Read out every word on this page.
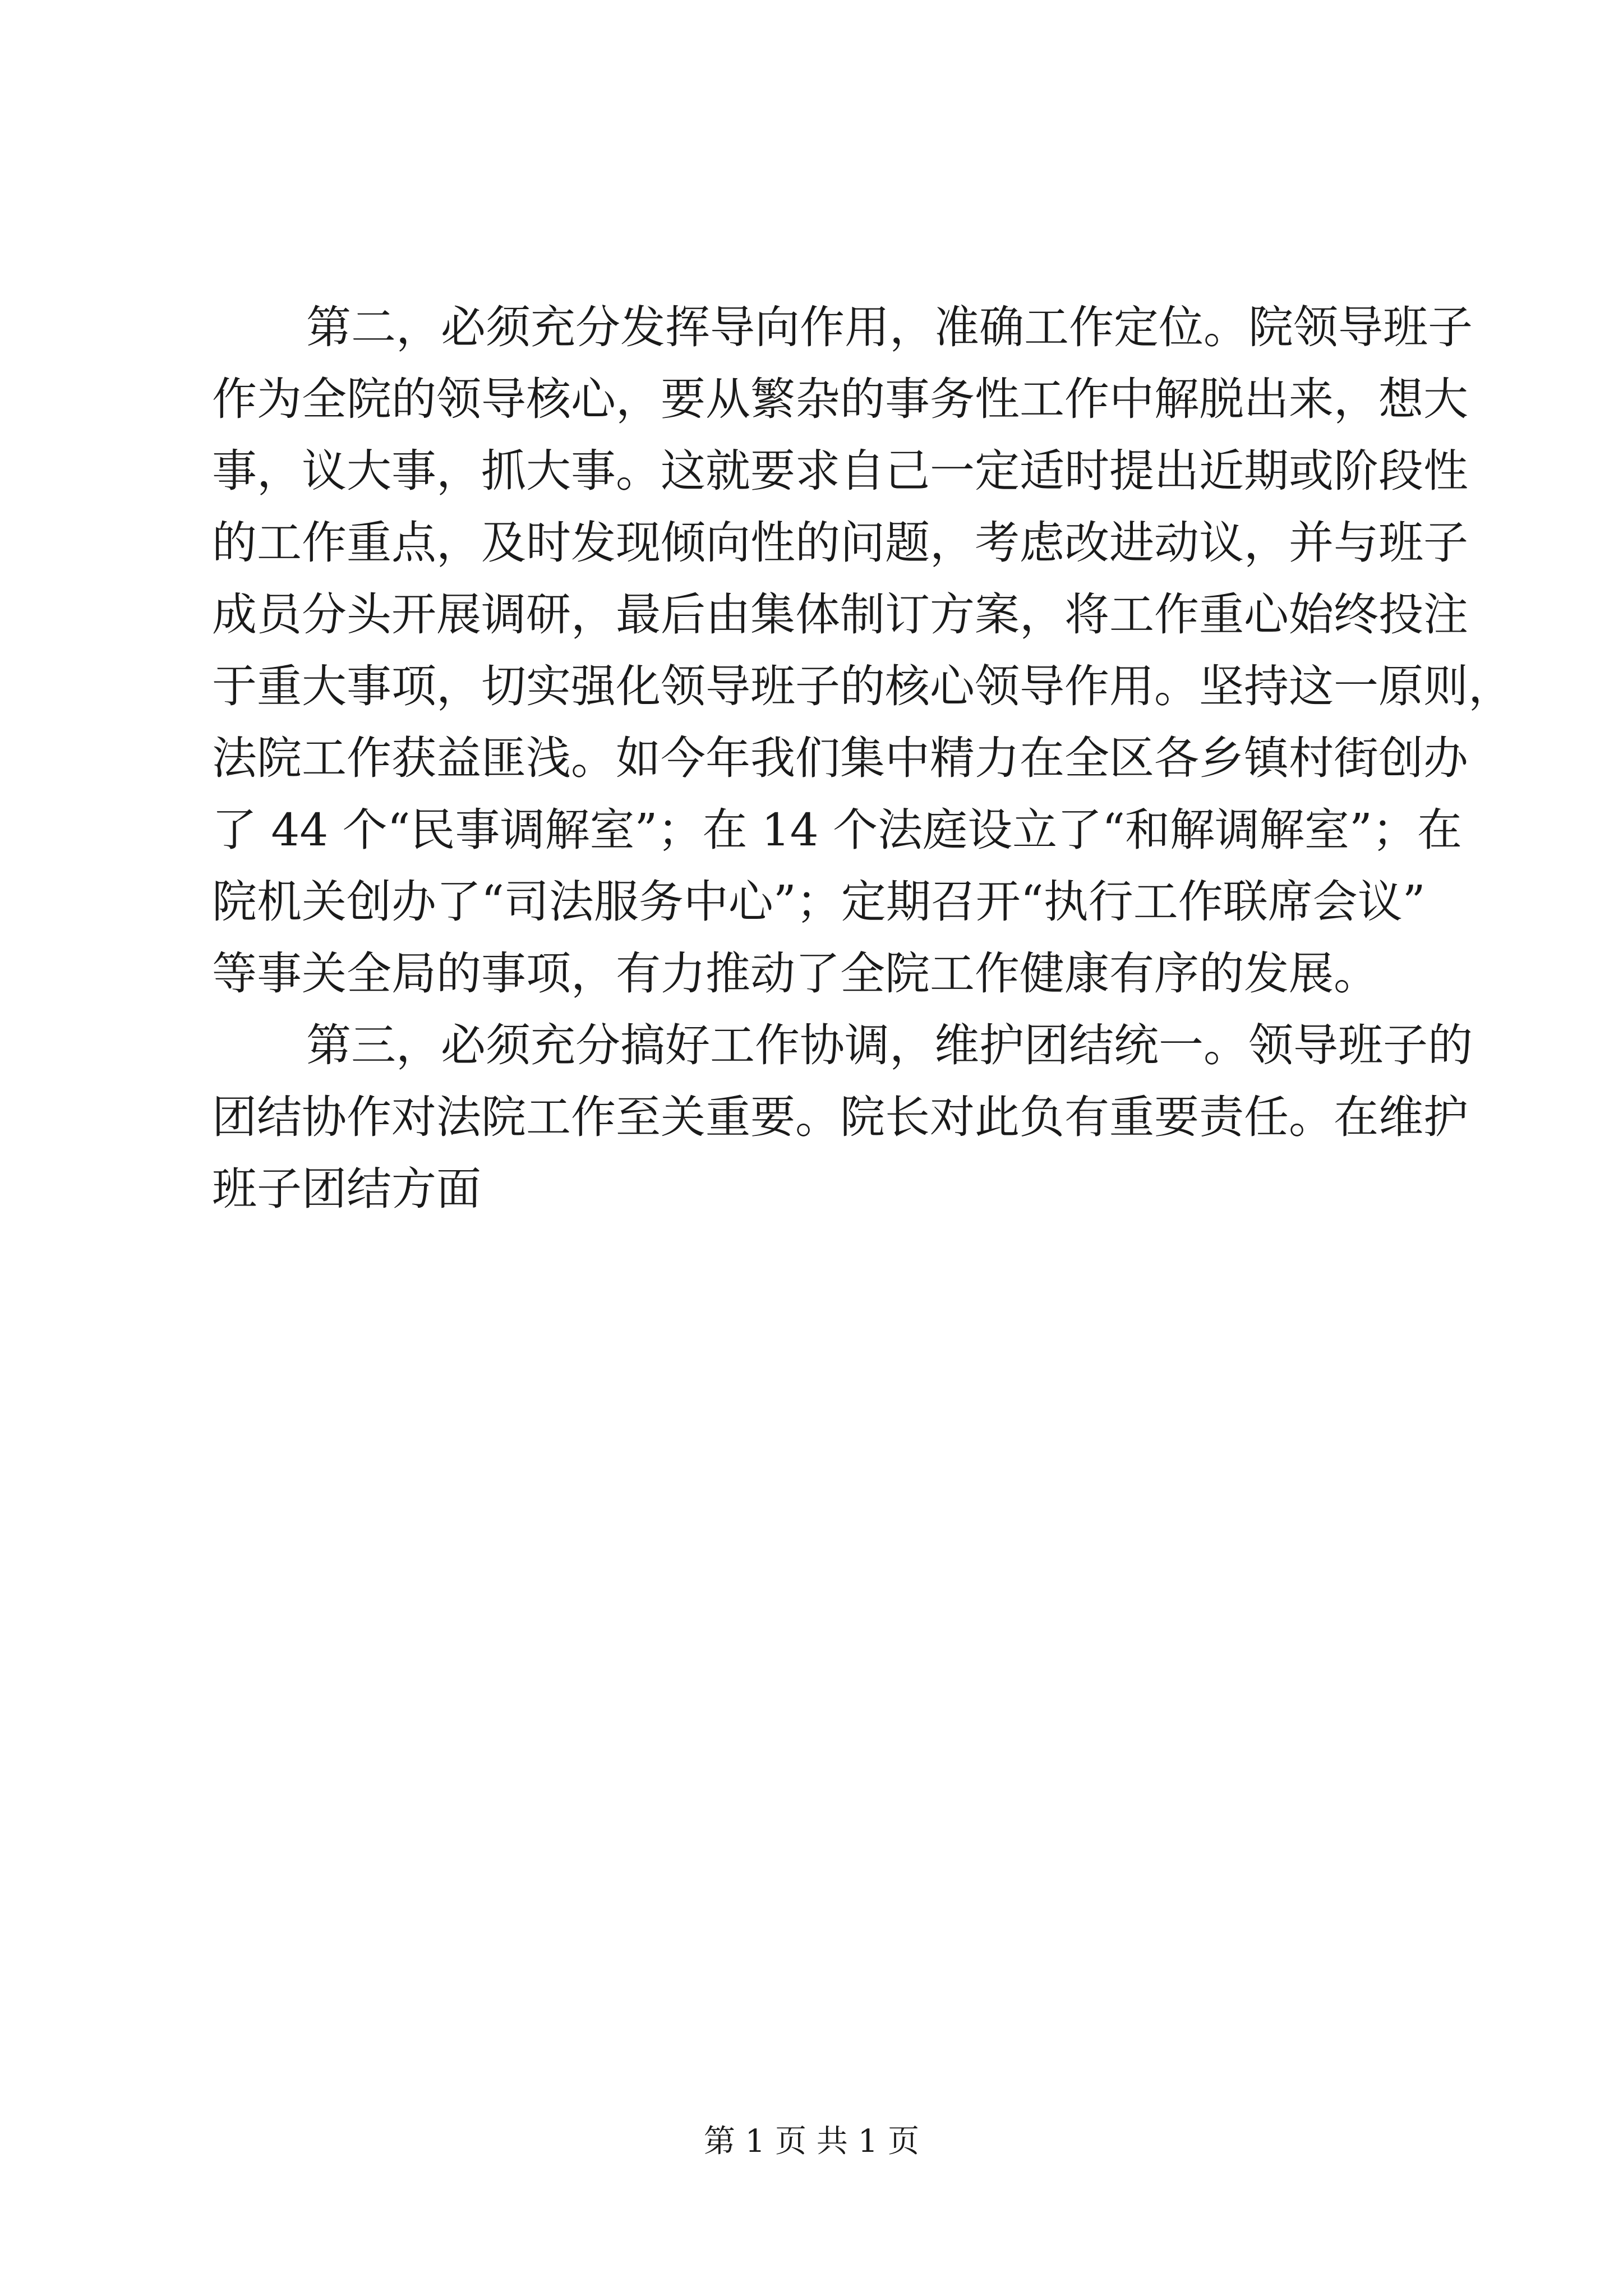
第二，必须充分发挥导向作用，准确工作定位。院领导班子
作为全院的领导核心，要从繁杂的事务性工作中解脱出来，想大
事，议大事，抓大事。这就要求自己一定适时提出近期或阶段性
的工作重点，及时发现倾向性的问题，考虑改进动议，并与班子
成员分头开展调研，最后由集体制订方案，将工作重心始终投注
于重大事项，切实强化领导班子的核心领导作用。坚持这一原则，
法院工作获益匪浅。如今年我们集中精力在全区各乡镇村街创办
了 44 个“民事调解室”；在 14 个法庭设立了“和解调解室”；在
院机关创办了“司法服务中心”；定期召开“执行工作联席会议”
等事关全局的事项，有力推动了全院工作健康有序的发展。
第三，必须充分搞好工作协调，维护团结统一。领导班子的
团结协作对法院工作至关重要。院长对此负有重要责任。在维护
班子团结方面
第 1 页 共 1 页
